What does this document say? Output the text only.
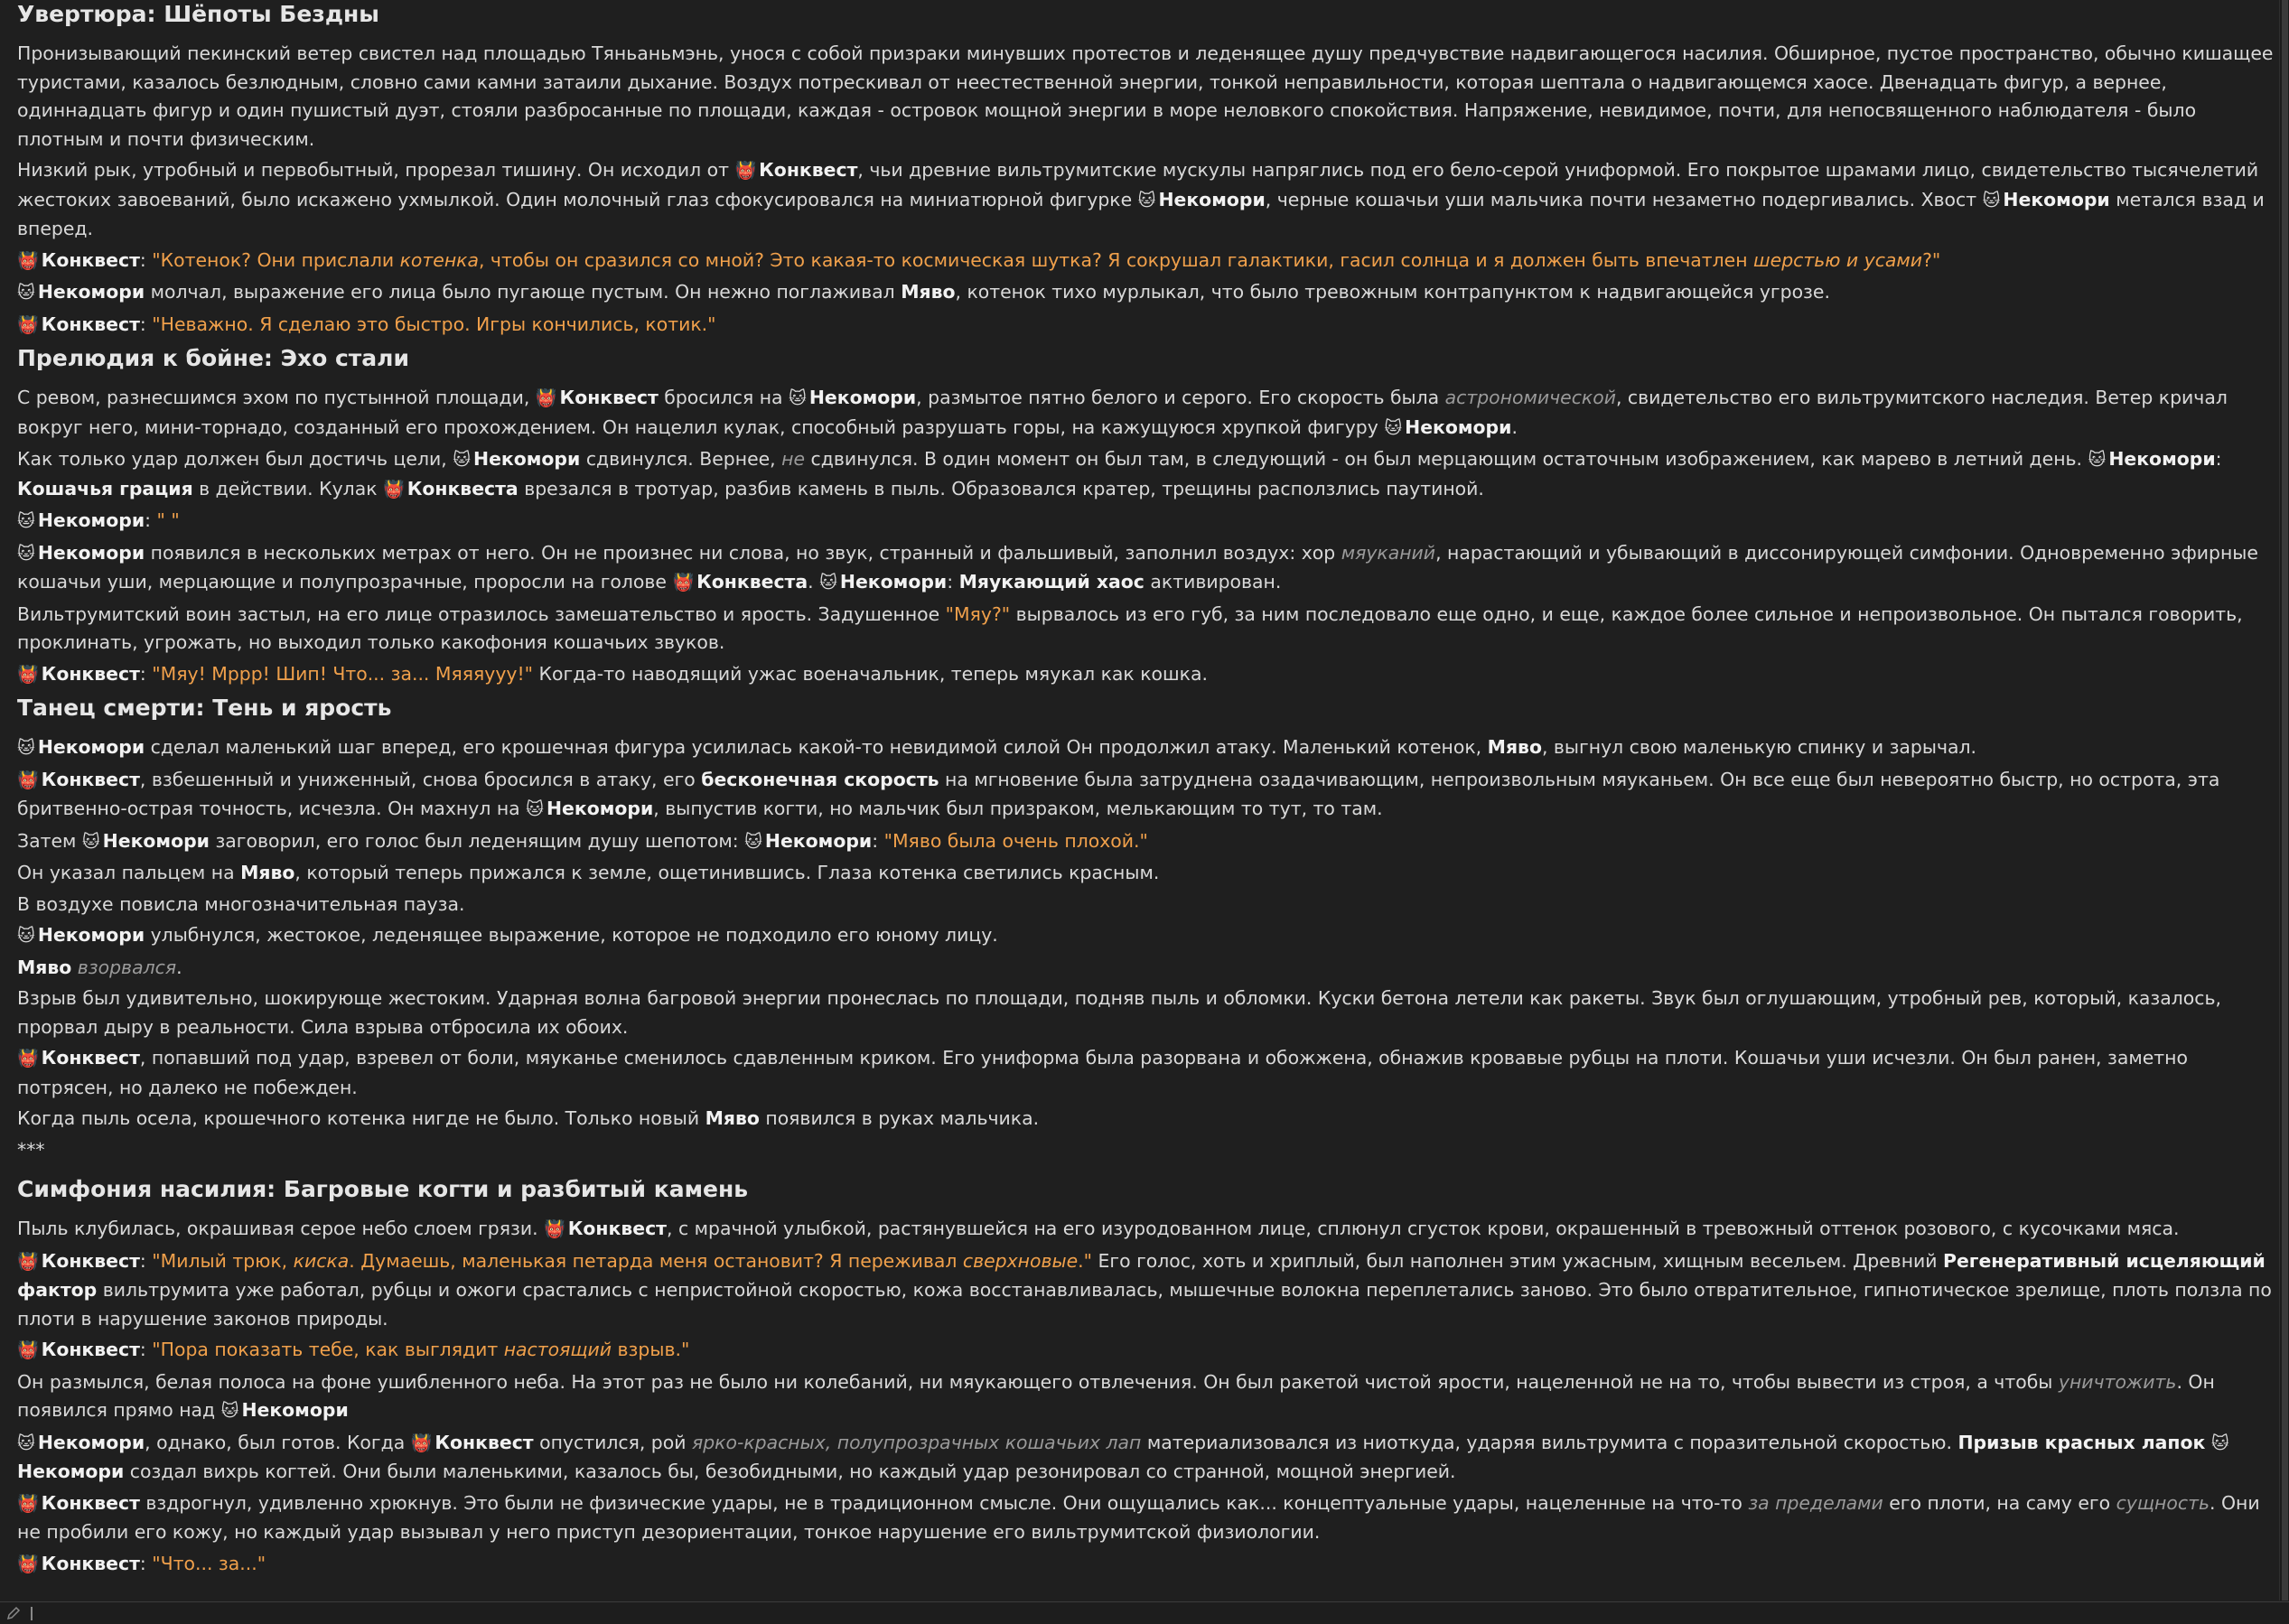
Увертюра: Шёпоты Бездны

Пронизывающий пекинский ветер свистел над площадью Тяньаньмэнь, унося с собой призраки минувших протестов и леденящее душу предчувствие надвигающегося насилия. Обширное, пустое пространство, обычно кишащее туристами, казалось безлюдным, словно сами камни затаили дыхание. Воздух потрескивал от неестественной энергии, тонкой неправильности, которая шептала о надвигающемся хаосе. Двенадцать фигур, а вернее, одиннадцать фигур и один пушистый дуэт, стояли разбросанные по площади, каждая - островок мощной энергии в море неловкого спокойствия. Напряжение, невидимое, почти, для непосвященного наблюдателя - было плотным и почти физическим.

Низкий рык, утробный и первобытный, прорезал тишину. Он исходил от 👹 Конквест, чьи древние вильтрумитские мускулы напряглись под его бело-серой униформой. Его покрытое шрамами лицо, свидетельство тысячелетий жестоких завоеваний, было искажено ухмылкой. Один молочный глаз сфокусировался на миниатюрной фигурке 🐱 Некомори, черные кошачьи уши мальчика почти незаметно подергивались. Хвост 🐱 Некомори метался взад и вперед.

👹 Конквест: "Котенок? Они прислали котенка, чтобы он сразился со мной? Это какая-то космическая шутка? Я сокрушал галактики, гасил солнца и я должен быть впечатлен шерстью и усами?"

🐱 Некомори молчал, выражение его лица было пугающе пустым. Он нежно поглаживал Мяво, котенок тихо мурлыкал, что было тревожным контрапунктом к надвигающейся угрозе.

👹 Конквест: "Неважно. Я сделаю это быстро. Игры кончились, котик."

Прелюдия к бойне: Эхо стали

С ревом, разнесшимся эхом по пустынной площади, 👹 Конквест бросился на 🐱 Некомори, размытое пятно белого и серого. Его скорость была астрономической, свидетельство его вильтрумитского наследия. Ветер кричал вокруг него, мини-торнадо, созданный его прохождением. Он нацелил кулак, способный разрушать горы, на кажущуюся хрупкой фигуру 🐱 Некомори.

Как только удар должен был достичь цели, 🐱 Некомори сдвинулся. Вернее, не сдвинулся. В один момент он был там, в следующий - он был мерцающим остаточным изображением, как марево в летний день. 🐱 Некомори: Кошачья грация в действии. Кулак 👹 Конквеста врезался в тротуар, разбив камень в пыль. Образовался кратер, трещины расползлись паутиной.

🐱 Некомори: " "

🐱 Некомори появился в нескольких метрах от него. Он не произнес ни слова, но звук, странный и фальшивый, заполнил воздух: хор мяуканий, нарастающий и убывающий в диссонирующей симфонии. Одновременно эфирные кошачьи уши, мерцающие и полупрозрачные, проросли на голове 👹 Конквеста. 🐱 Некомори: Мяукающий хаос активирован.

Вильтрумитский воин застыл, на его лице отразилось замешательство и ярость. Задушенное "Мяу?" вырвалось из его губ, за ним последовало еще одно, и еще, каждое более сильное и непроизвольное. Он пытался говорить, проклинать, угрожать, но выходил только какофония кошачьих звуков.

👹 Конквест: "Мяу! Мррр! Шип! Что... за... Мяяяууу!" Когда-то наводящий ужас военачальник, теперь мяукал как кошка.

Танец смерти: Тень и ярость

🐱 Некомори сделал маленький шаг вперед, его крошечная фигура усилилась какой-то невидимой силой Он продолжил атаку. Маленький котенок, Мяво, выгнул свою маленькую спинку и зарычал.

👹 Конквест, взбешенный и униженный, снова бросился в атаку, его бесконечная скорость на мгновение была затруднена озадачивающим, непроизвольным мяуканьем. Он все еще был невероятно быстр, но острота, эта бритвенно-острая точность, исчезла. Он махнул на 🐱 Некомори, выпустив когти, но мальчик был призраком, мелькающим то тут, то там.

Затем 🐱 Некомори заговорил, его голос был леденящим душу шепотом: 🐱 Некомори: "Мяво была очень плохой."

Он указал пальцем на Мяво, который теперь прижался к земле, ощетинившись. Глаза котенка светились красным.

В воздухе повисла многозначительная пауза.

🐱 Некомори улыбнулся, жестокое, леденящее выражение, которое не подходило его юному лицу.

Мяво взорвался.

Взрыв был удивительно, шокирующе жестоким. Ударная волна багровой энергии пронеслась по площади, подняв пыль и обломки. Куски бетона летели как ракеты. Звук был оглушающим, утробный рев, который, казалось, прорвал дыру в реальности. Сила взрыва отбросила их обоих.

👹 Конквест, попавший под удар, взревел от боли, мяуканье сменилось сдавленным криком. Его униформа была разорвана и обожжена, обнажив кровавые рубцы на плоти. Кошачьи уши исчезли. Он был ранен, заметно потрясен, но далеко не побежден.

Когда пыль осела, крошечного котенка нигде не было. Только новый Мяво появился в руках мальчика.

***

Симфония насилия: Багровые когти и разбитый камень

Пыль клубилась, окрашивая серое небо слоем грязи. 👹 Конквест, с мрачной улыбкой, растянувшейся на его изуродованном лице, сплюнул сгусток крови, окрашенный в тревожный оттенок розового, с кусочками мяса.

👹 Конквест: "Милый трюк, киска. Думаешь, маленькая петарда меня остановит? Я переживал сверхновые." Его голос, хоть и хриплый, был наполнен этим ужасным, хищным весельем. Древний Регенеративный исцеляющий фактор вильтрумита уже работал, рубцы и ожоги срастались с непристойной скоростью, кожа восстанавливалась, мышечные волокна переплетались заново. Это было отвратительное, гипнотическое зрелище, плоть ползла по плоти в нарушение законов природы.

👹 Конквест: "Пора показать тебе, как выглядит настоящий взрыв."

Он размылся, белая полоса на фоне ушибленного неба. На этот раз не было ни колебаний, ни мяукающего отвлечения. Он был ракетой чистой ярости, нацеленной не на то, чтобы вывести из строя, а чтобы уничтожить. Он появился прямо над 🐱 Некомори

🐱 Некомори, однако, был готов. Когда 👹 Конквест опустился, рой ярко-красных, полупрозрачных кошачьих лап материализовался из ниоткуда, ударяя вильтрумита с поразительной скоростью. Призыв красных лапок 🐱Некомори создал вихрь когтей. Они были маленькими, казалось бы, безобидными, но каждый удар резонировал со странной, мощной энергией.

👹 Конквест вздрогнул, удивленно хрюкнув. Это были не физические удары, не в традиционном смысле. Они ощущались как... концептуальные удары, нацеленные на что-то за пределами его плоти, на саму его сущность. Они не пробили его кожу, но каждый удар вызывал у него приступ дезориентации, тонкое нарушение его вильтрумитской физиологии.

👹 Конквест: "Что... за..."
